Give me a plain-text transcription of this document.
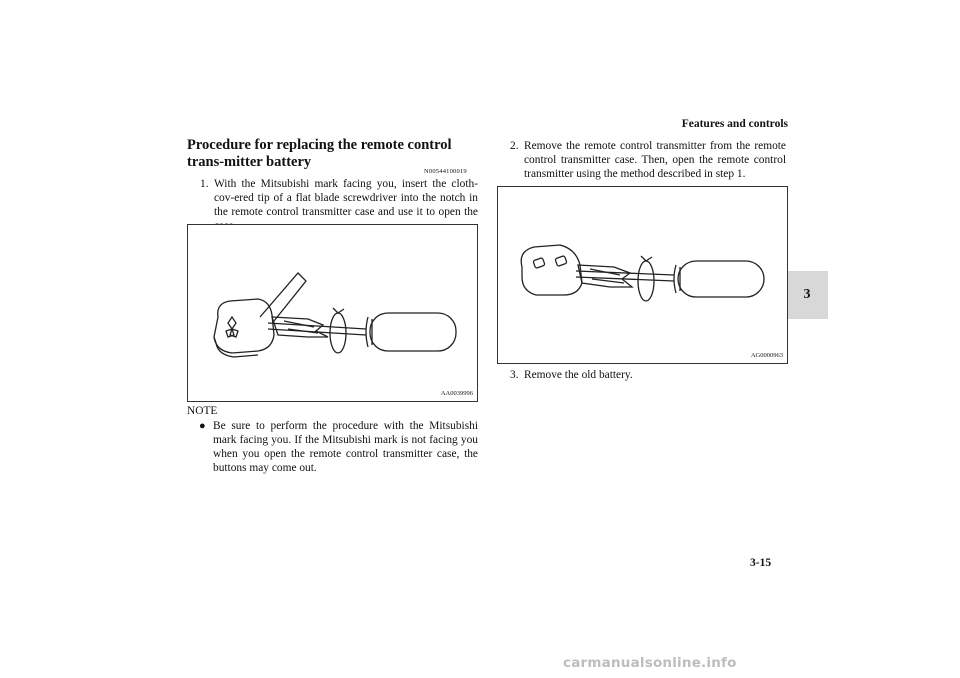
Features and controls
3
Procedure for replacing the remote control trans-mitter battery
N00544100019
1. With the Mitsubishi mark facing you, insert the cloth-cov-ered tip of a flat blade screwdriver into the notch in the remote control transmitter case and use it to open the
AA0039996
NOTE
● Be sure to perform the procedure with the Mitsubishi mark facing you. If the Mitsubishi mark is not facing you when you open the remote control transmitter case, the buttons may come out.
2. Remove the remote control transmitter from the remote control transmitter case. Then, open the remote control transmitter using the method described in step 1.
AG0000963
3. Remove the old battery.
3-15
carmanualsonline.info
